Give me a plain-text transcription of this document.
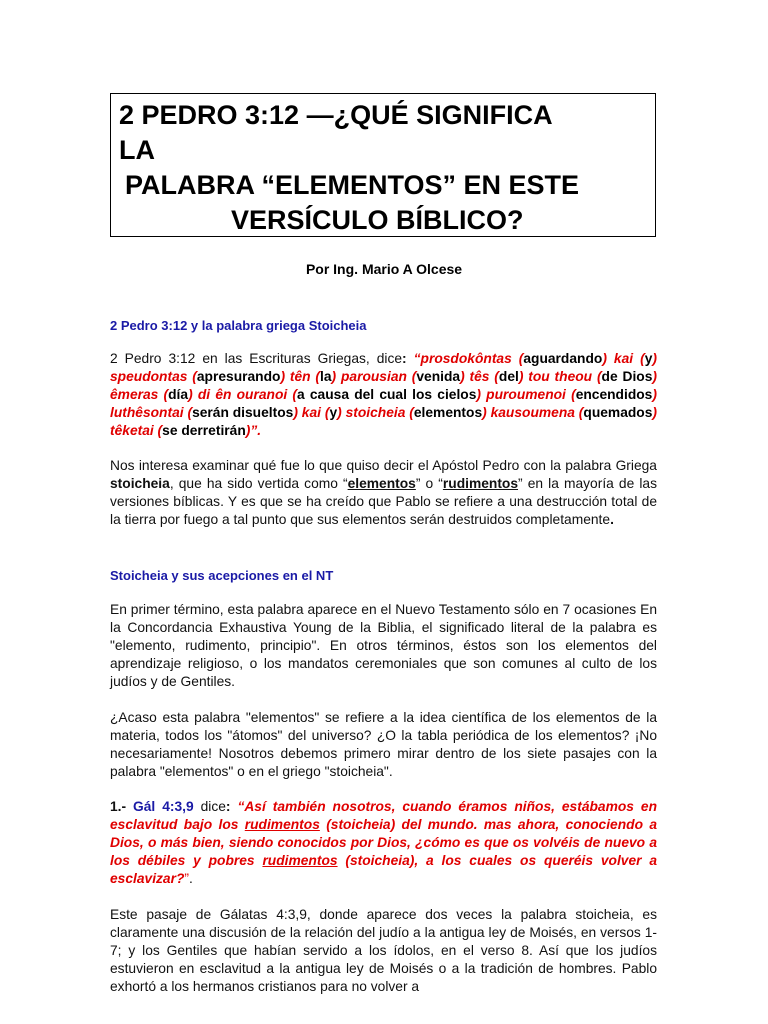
2 PEDRO 3:12 —¿QUÉ SIGNIFICA
LA
PALABRA “ELEMENTOS” EN ESTE
VERSÍCULO BÍBLICO?
Por Ing. Mario A Olcese
2 Pedro 3:12 y la palabra griega Stoicheia
2 Pedro 3:12 en las Escrituras Griegas, dice: “prosdokôntas (aguardando) kai (y) speudontas (apresurando) tên (la) parousian (venida) tês (del) tou theou (de Dios) êmeras (día) di ên ouranoi (a causa del cual los cielos) puroumenoi (encendidos) luthêsontai (serán disueltos) kai (y) stoicheia (elementos) kausoumena (quemados) têketai (se derretirán)”.
Nos interesa examinar qué fue lo que quiso decir el Apóstol Pedro con la palabra Griega stoicheia, que ha sido vertida como “elementos” o “rudimentos” en la mayoría de las versiones bíblicas. Y es que se ha creído que Pablo se refiere a una destrucción total de la tierra por fuego a tal punto que sus elementos serán destruidos completamente.
Stoicheia y sus acepciones en el NT
En primer término, esta palabra aparece en el Nuevo Testamento sólo en 7 ocasiones En la Concordancia Exhaustiva Young de la Biblia, el significado literal de la palabra es "elemento, rudimento, principio". En otros términos, éstos son los elementos del aprendizaje religioso, o los mandatos ceremoniales que son comunes al culto de los judíos y de Gentiles.
¿Acaso esta palabra "elementos" se refiere a la idea científica de los elementos de la materia, todos los "átomos" del universo? ¿O la tabla periódica de los elementos? ¡No necesariamente! Nosotros debemos primero mirar dentro de los siete pasajes con la palabra "elementos" o en el griego "stoicheia".
1.- Gál 4:3,9 dice: “Así también nosotros, cuando éramos niños, estábamos en esclavitud bajo los rudimentos (stoicheia) del mundo. mas ahora, conociendo a Dios, o más bien, siendo conocidos por Dios, ¿cómo es que os volvéis de nuevo a los débiles y pobres rudimentos (stoicheia), a los cuales os queréis volver a esclavizar?”.
Este pasaje de Gálatas 4:3,9, donde aparece dos veces la palabra stoicheia, es claramente una discusión de la relación del judío a la antigua ley de Moisés, en versos 1-7; y los Gentiles que habían servido a los ídolos, en el verso 8. Así que los judíos estuvieron en esclavitud a la antigua ley de Moisés o a la tradición de hombres. Pablo exhortó a los hermanos cristianos para no volver a
